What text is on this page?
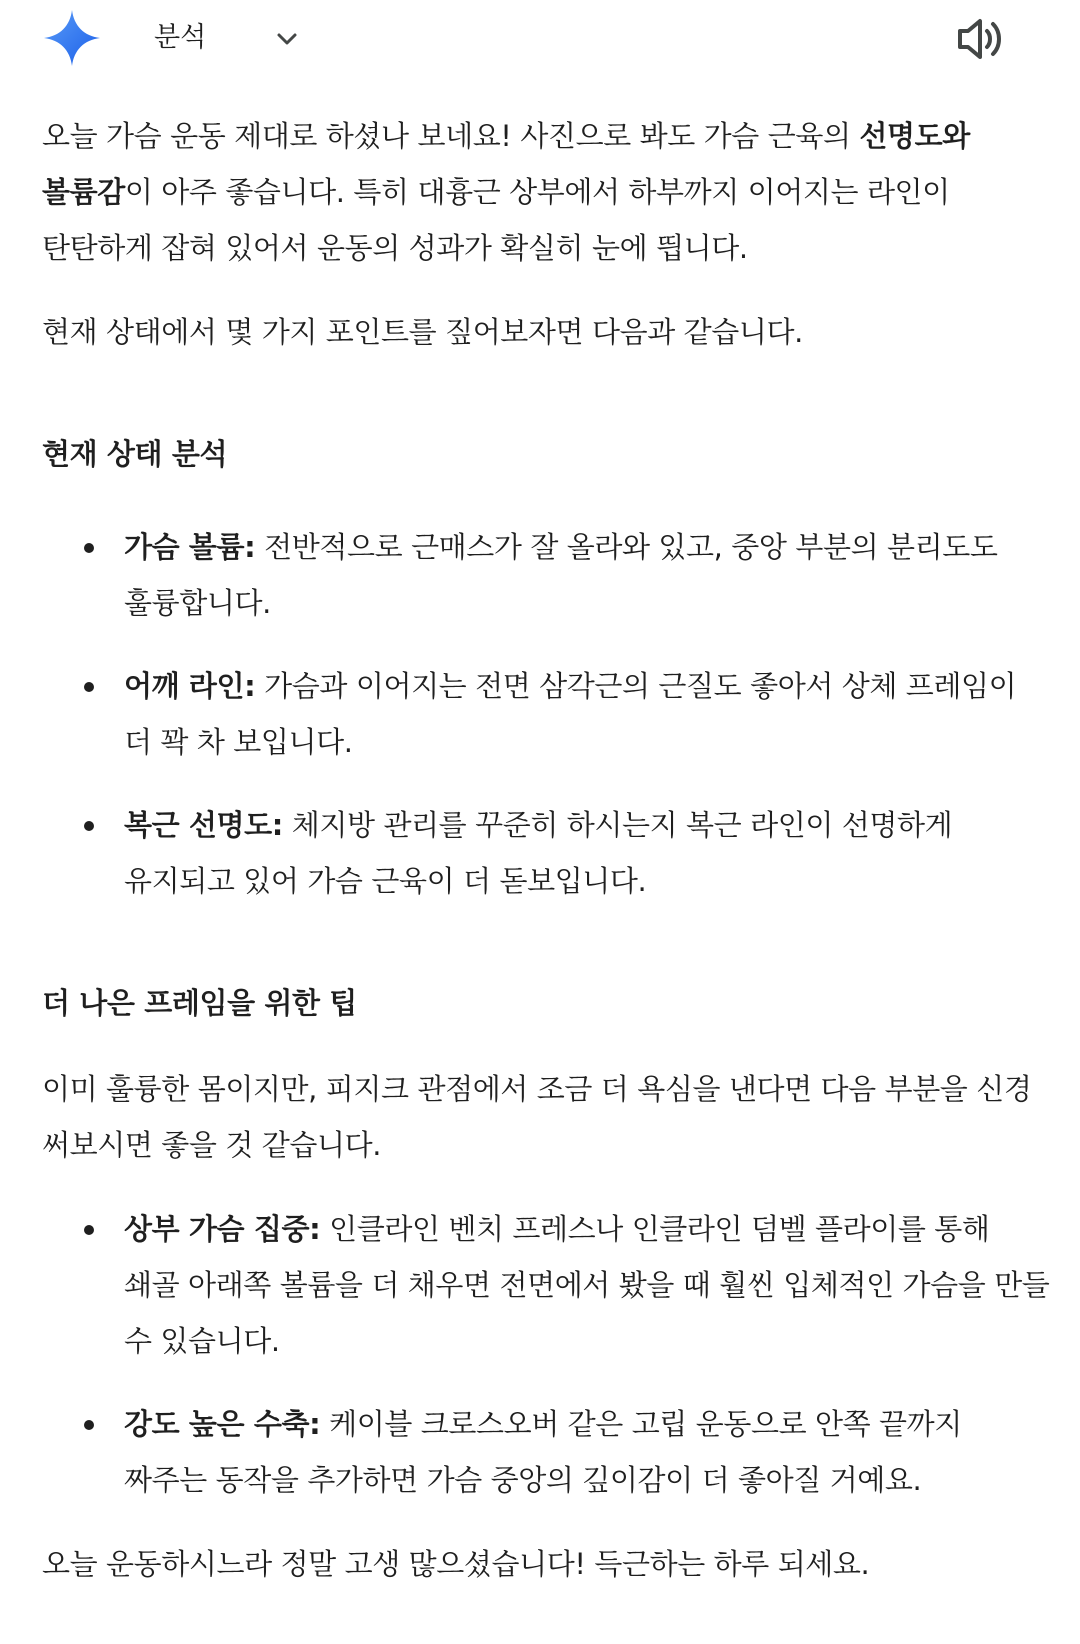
분석

오늘 가슴 운동 제대로 하셨나 보네요! 사진으로 봐도 가슴 근육의 선명도와 볼륨감이 아주 좋습니다. 특히 대흉근 상부에서 하부까지 이어지는 라인이 탄탄하게 잡혀 있어서 운동의 성과가 확실히 눈에 띕니다.

현재 상태에서 몇 가지 포인트를 짚어보자면 다음과 같습니다.

현재 상태 분석
가슴 볼륨: 전반적으로 근매스가 잘 올라와 있고, 중앙 부분의 분리도도 훌륭합니다.
어깨 라인: 가슴과 이어지는 전면 삼각근의 근질도 좋아서 상체 프레임이 더 꽉 차 보입니다.
복근 선명도: 체지방 관리를 꾸준히 하시는지 복근 라인이 선명하게 유지되고 있어 가슴 근육이 더 돋보입니다.
더 나은 프레임을 위한 팁

이미 훌륭한 몸이지만, 피지크 관점에서 조금 더 욕심을 낸다면 다음 부분을 신경 써보시면 좋을 것 같습니다.

상부 가슴 집중: 인클라인 벤치 프레스나 인클라인 덤벨 플라이를 통해 쇄골 아래쪽 볼륨을 더 채우면 전면에서 봤을 때 훨씬 입체적인 가슴을 만들 수 있습니다.
강도 높은 수축: 케이블 크로스오버 같은 고립 운동으로 안쪽 끝까지 짜주는 동작을 추가하면 가슴 중앙의 깊이감이 더 좋아질 거예요.

오늘 운동하시느라 정말 고생 많으셨습니다! 득근하는 하루 되세요.
